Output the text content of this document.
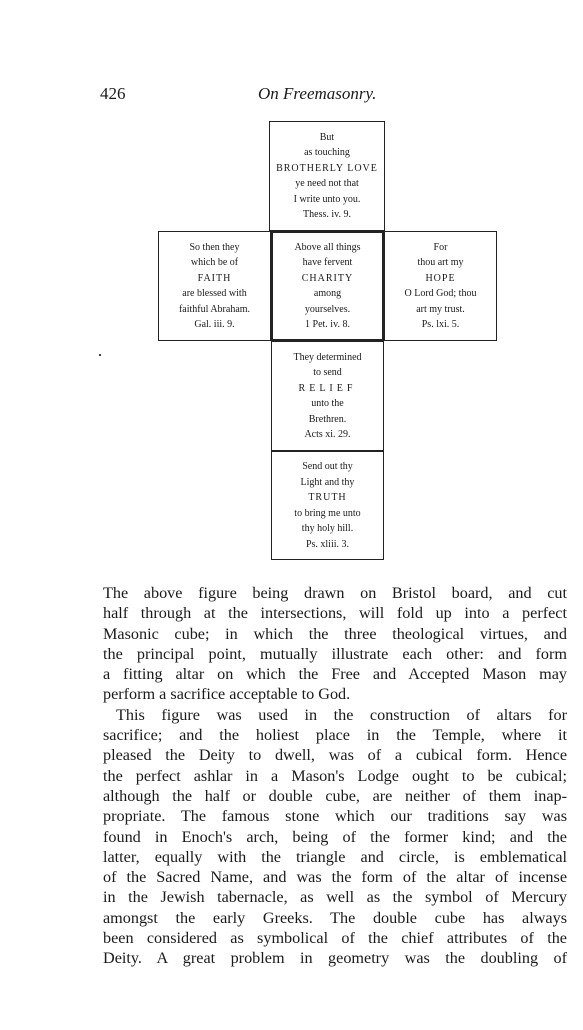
426	On Freemasonry.
But
as touching
BROTHERLY LOVE
ye need not that
I write unto you.
Thess. iv. 9.
So then they
which be of
FAITH
are blessed with
faithful Abraham.
Gal. iii. 9.
Above all things
have fervent
CHARITY
among
yourselves.
1 Pet. iv. 8.
For
thou art my
HOPE
O Lord God; thou
art my trust.
Ps. lxi. 5.
They determined
to send
RELIEF
unto the
Brethren.
Acts xi. 29.
Send out thy
Light and thy
TRUTH
to bring me unto
thy holy hill.
Ps. xliii. 3.

The above figure being drawn on Bristol board, and cut

half through at the intersections, will fold up into a perfect

Masonic cube; in which the three theological virtues, and

the principal point, mutually illustrate each other: and form

a fitting altar on which the Free and Accepted Mason may

perform a sacrifice acceptable to God.

This figure was used in the construction of altars for

sacrifice; and the holiest place in the Temple, where it

pleased the Deity to dwell, was of a cubical form. Hence

the perfect ashlar in a Mason's Lodge ought to be cubical;

although the half or double cube, are neither of them inap-

propriate. The famous stone which our traditions say was

found in Enoch's arch, being of the former kind; and the

latter, equally with the triangle and circle, is emblematical

of the Sacred Name, and was the form of the altar of incense

in the Jewish tabernacle, as well as the symbol of Mercury

amongst the early Greeks. The double cube has always

been considered as symbolical of the chief attributes of the

Deity. A great problem in geometry was the doubling of
